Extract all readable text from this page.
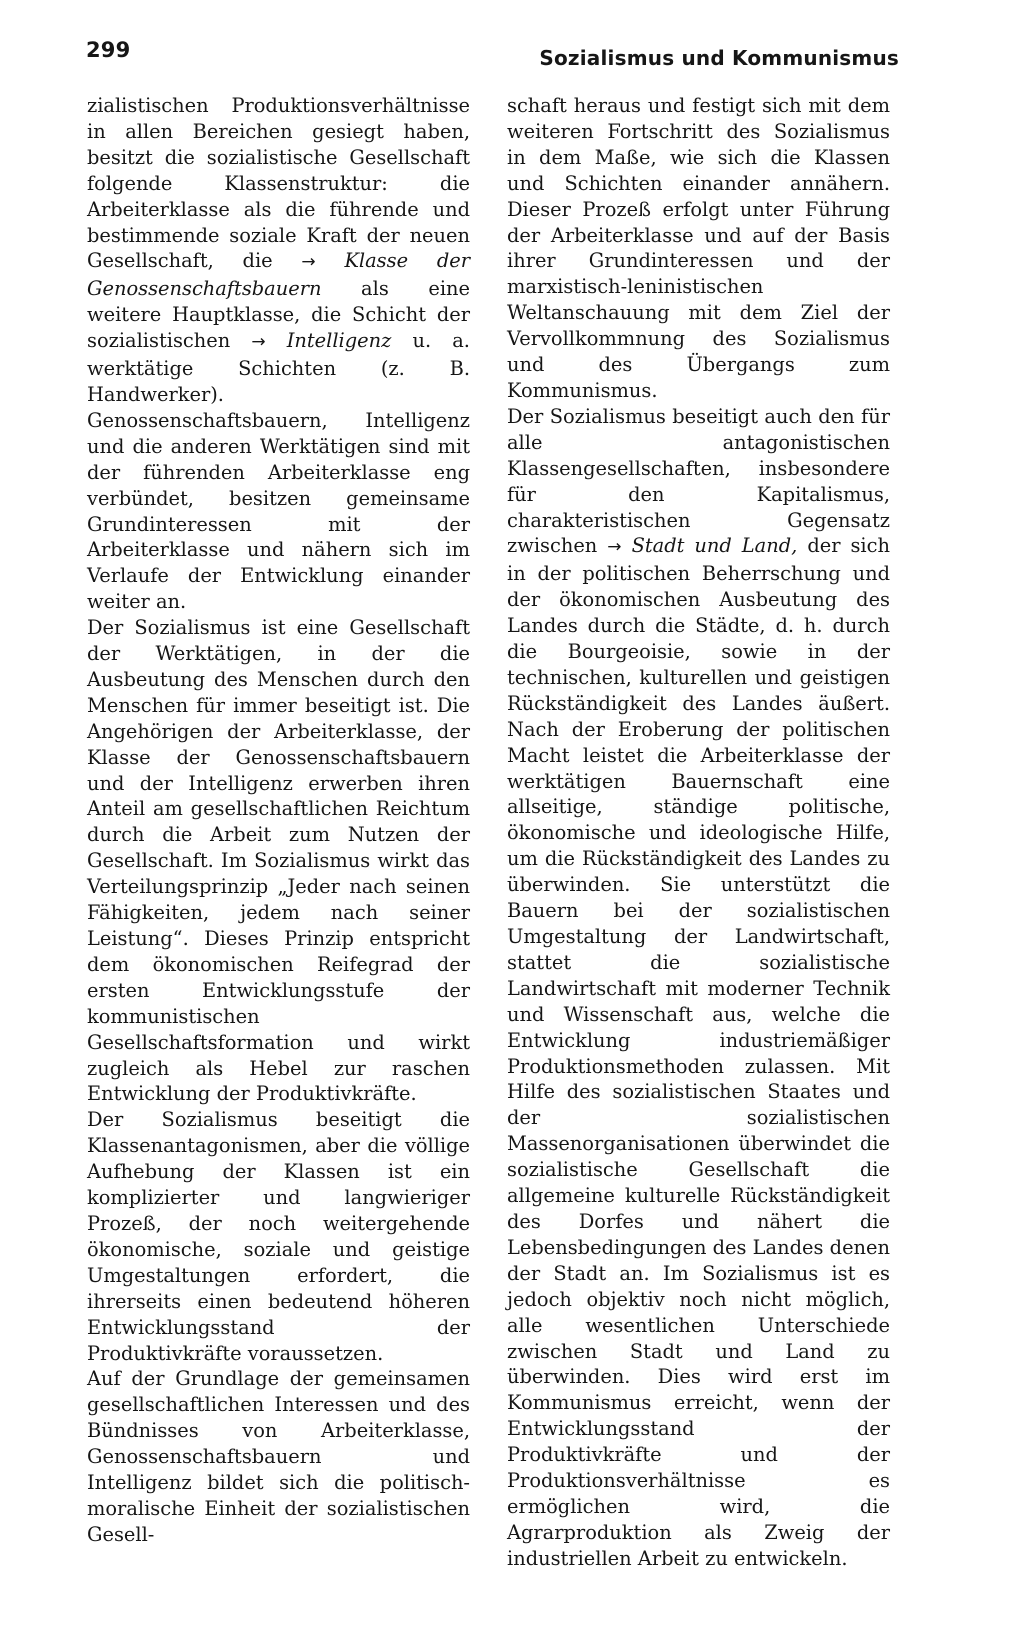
299	Sozialismus und Kommunismus

zialistischen Produktionsverhältnisse in allen Bereichen gesiegt haben, besitzt die sozialistische Gesellschaft folgende Klassenstruktur: die Arbeiterklasse als die führende und bestimmende soziale Kraft der neuen Gesellschaft, die → Klasse der Genossenschaftsbauern als eine weitere Hauptklasse, die Schicht der sozialistischen → Intelligenz u. a. werktätige Schichten (z. B. Handwerker). Genossenschaftsbauern, Intelligenz und die anderen Werktätigen sind mit der führenden Arbeiterklasse eng verbündet, besitzen gemeinsame Grundinteressen mit der Arbeiterklasse und nähern sich im Verlaufe der Entwicklung einander weiter an.

Der Sozialismus ist eine Gesellschaft der Werktätigen, in der die Ausbeutung des Menschen durch den Menschen für immer beseitigt ist. Die Angehörigen der Arbeiterklasse, der Klasse der Genossenschaftsbauern und der Intelligenz erwerben ihren Anteil am gesellschaftlichen Reichtum durch die Arbeit zum Nutzen der Gesellschaft. Im Sozialismus wirkt das Verteilungsprinzip „Jeder nach seinen Fähigkeiten, jedem nach seiner Leistung“. Dieses Prinzip entspricht dem ökonomischen Reifegrad der ersten Entwicklungsstufe der kommunistischen Gesellschaftsformation und wirkt zugleich als Hebel zur raschen Entwicklung der Produktivkräfte.

Der Sozialismus beseitigt die Klassenantagonismen, aber die völlige Aufhebung der Klassen ist ein komplizierter und langwieriger Prozeß, der noch weitergehende ökonomische, soziale und geistige Umgestaltungen erfordert, die ihrerseits einen bedeutend höheren Entwicklungsstand der Produktivkräfte voraussetzen.

Auf der Grundlage der gemeinsamen gesellschaftlichen Interessen und des Bündnisses von Arbeiterklasse, Genossenschaftsbauern und Intelligenz bildet sich die politisch-moralische Einheit der sozialistischen Gesell-

schaft heraus und festigt sich mit dem weiteren Fortschritt des Sozialismus in dem Maße, wie sich die Klassen und Schichten einander annähern. Dieser Prozeß erfolgt unter Führung der Arbeiterklasse und auf der Basis ihrer Grundinteressen und der marxistisch-leninistischen Weltanschauung mit dem Ziel der Vervollkommnung des Sozialismus und des Übergangs zum Kommunismus.

Der Sozialismus beseitigt auch den für alle antagonistischen Klassengesellschaften, insbesondere für den Kapitalismus, charakteristischen Gegensatz zwischen → Stadt und Land, der sich in der politischen Beherrschung und der ökonomischen Ausbeutung des Landes durch die Städte, d. h. durch die Bourgeoisie, sowie in der technischen, kulturellen und geistigen Rückständigkeit des Landes äußert. Nach der Eroberung der politischen Macht leistet die Arbeiterklasse der werktätigen Bauernschaft eine allseitige, ständige politische, ökonomische und ideologische Hilfe, um die Rückständigkeit des Landes zu überwinden. Sie unterstützt die Bauern bei der sozialistischen Umgestaltung der Landwirtschaft, stattet die sozialistische Landwirtschaft mit moderner Technik und Wissenschaft aus, welche die Entwicklung industriemäßiger Produktionsmethoden zulassen. Mit Hilfe des sozialistischen Staates und der sozialistischen Massenorganisationen überwindet die sozialistische Gesellschaft die allgemeine kulturelle Rückständigkeit des Dorfes und nähert die Lebensbedingungen des Landes denen der Stadt an. Im Sozialismus ist es jedoch objektiv noch nicht möglich, alle wesentlichen Unterschiede zwischen Stadt und Land zu überwinden. Dies wird erst im Kommunismus erreicht, wenn der Entwicklungsstand der Produktivkräfte und der Produktionsverhältnisse es ermöglichen wird, die Agrarproduktion als Zweig der industriellen Arbeit zu entwickeln.
